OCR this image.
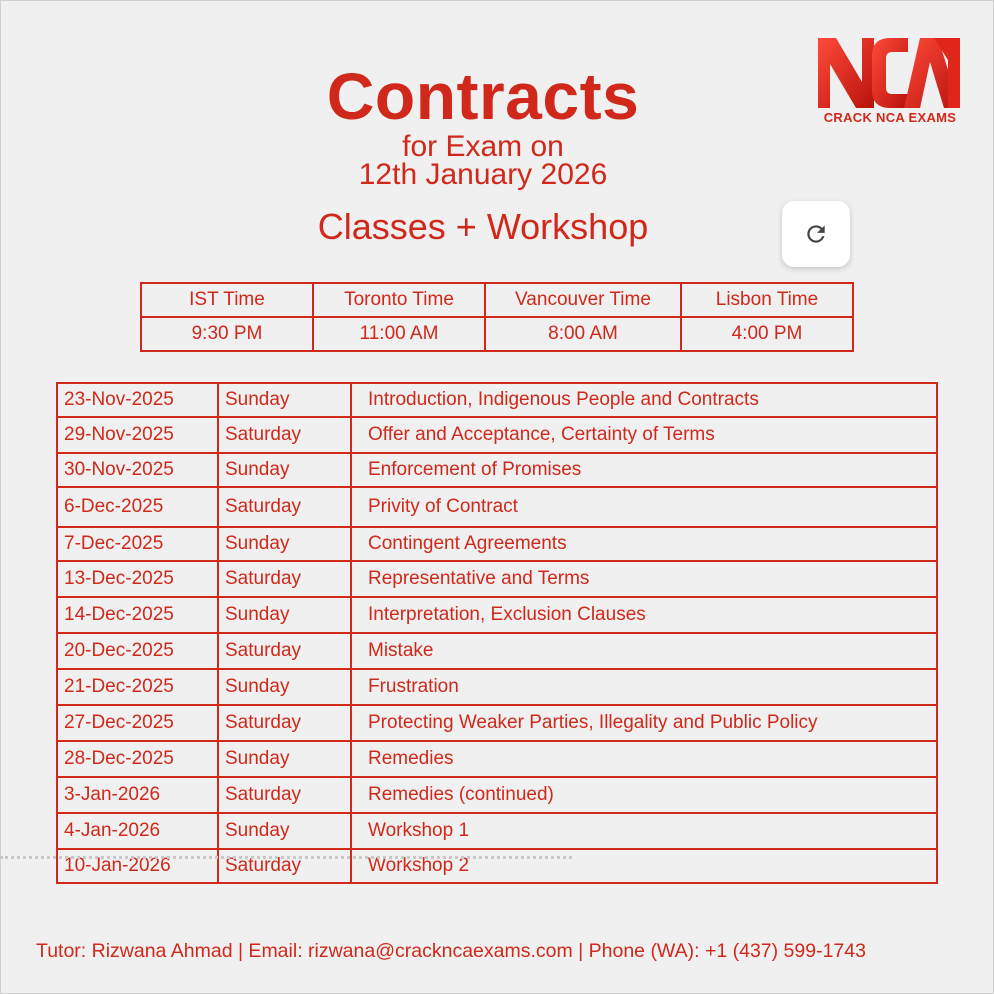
Contracts
for Exam on
12th January 2026
Classes + Workshop
CRACK NCA EXAMS
IST Time	Toronto Time	Vancouver Time	Lisbon Time
9:30 PM	11:00 AM	8:00 AM	4:00 PM
23-Nov-2025	Sunday	Introduction, Indigenous People and Contracts
29-Nov-2025	Saturday	Offer and Acceptance, Certainty of Terms
30-Nov-2025	Sunday	Enforcement of Promises
6-Dec-2025	Saturday	Privity of Contract
7-Dec-2025	Sunday	Contingent Agreements
13-Dec-2025	Saturday	Representative and Terms
14-Dec-2025	Sunday	Interpretation, Exclusion Clauses
20-Dec-2025	Saturday	Mistake
21-Dec-2025	Sunday	Frustration
27-Dec-2025	Saturday	Protecting Weaker Parties, Illegality and Public Policy
28-Dec-2025	Sunday	Remedies
3-Jan-2026	Saturday	Remedies (continued)
4-Jan-2026	Sunday	Workshop 1
10-Jan-2026	Saturday	Workshop 2
Tutor: Rizwana Ahmad | Email: rizwana@crackncaexams.com | Phone (WA): +1 (437) 599-1743
